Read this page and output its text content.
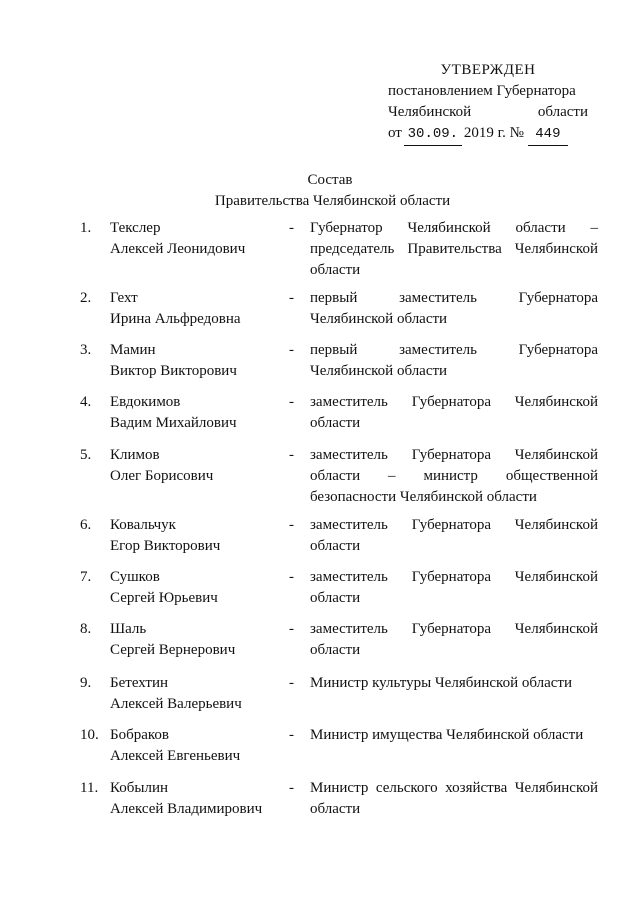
УТВЕРЖДЕН
постановлением Губернатора
Челябинской	области
от 30.09. 2019 г. № 449
Состав
Правительства Челябинской области
1.	Текслер
Алексей Леонидович
-	Губернатор Челябинской области – председатель Правительства Челябинской области
2.	Гехт
Ирина Альфредовна
-	первый заместитель Губернатора Челябинской области
3.	Мамин
Виктор Викторович
-	первый заместитель Губернатора Челябинской области
4.	Евдокимов
Вадим Михайлович
-	заместитель Губернатора Челябинской области
5.	Климов
Олег Борисович
-	заместитель Губернатора Челябинской области – министр общественной безопасности Челябинской области
6.	Ковальчук
Егор Викторович
-	заместитель Губернатора Челябинской области
7.	Сушков
Сергей Юрьевич
-	заместитель Губернатора Челябинской области
8.	Шаль
Сергей Вернерович
-	заместитель Губернатора Челябинской области
9.	Бетехтин
Алексей Валерьевич
-	Министр культуры Челябинской области
10. Бобраков
Алексей Евгеньевич
-	Министр имущества Челябинской области
11. Кобылин
Алексей Владимирович
-	Министр сельского хозяйства Челябинской области
